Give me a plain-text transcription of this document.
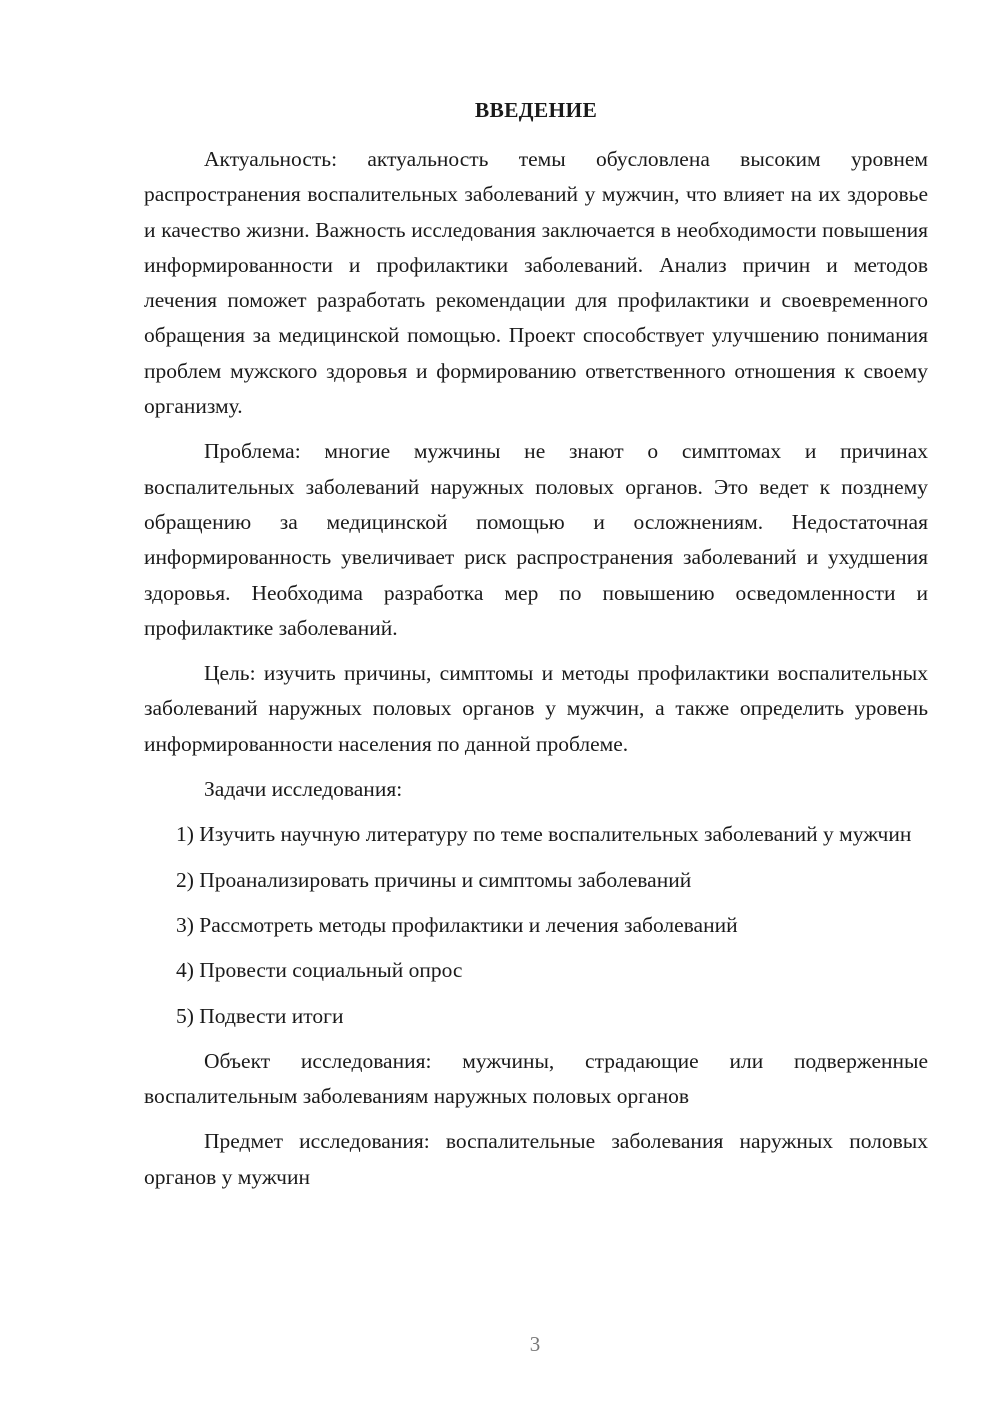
ВВЕДЕНИЕ

Актуальность: актуальность темы обусловлена высоким уровнем распространения воспалительных заболеваний у мужчин, что влияет на их здоровье и качество жизни. Важность исследования заключается в необходимости повышения информированности и профилактики заболеваний. Анализ причин и методов лечения поможет разработать рекомендации для профилактики и своевременного обращения за медицинской помощью. Проект способствует улучшению понимания проблем мужского здоровья и формированию ответственного отношения к своему организму.

Проблема: многие мужчины не знают о симптомах и причинах воспалительных заболеваний наружных половых органов. Это ведет к позднему обращению за медицинской помощью и осложнениям. Недостаточная информированность увеличивает риск распространения заболеваний и ухудшения здоровья. Необходима разработка мер по повышению осведомленности и профилактике заболеваний.

Цель: изучить причины, симптомы и методы профилактики воспалительных заболеваний наружных половых органов у мужчин, а также определить уровень информированности населения по данной проблеме.

Задачи исследования:

1) Изучить научную литературу по теме воспалительных заболеваний у мужчин

2) Проанализировать причины и симптомы заболеваний

3) Рассмотреть методы профилактики и лечения заболеваний

4) Провести социальный опрос

5) Подвести итоги

Объект исследования: мужчины, страдающие или подверженные воспалительным заболеваниям наружных половых органов

Предмет исследования: воспалительные заболевания наружных половых органов у мужчин

3
